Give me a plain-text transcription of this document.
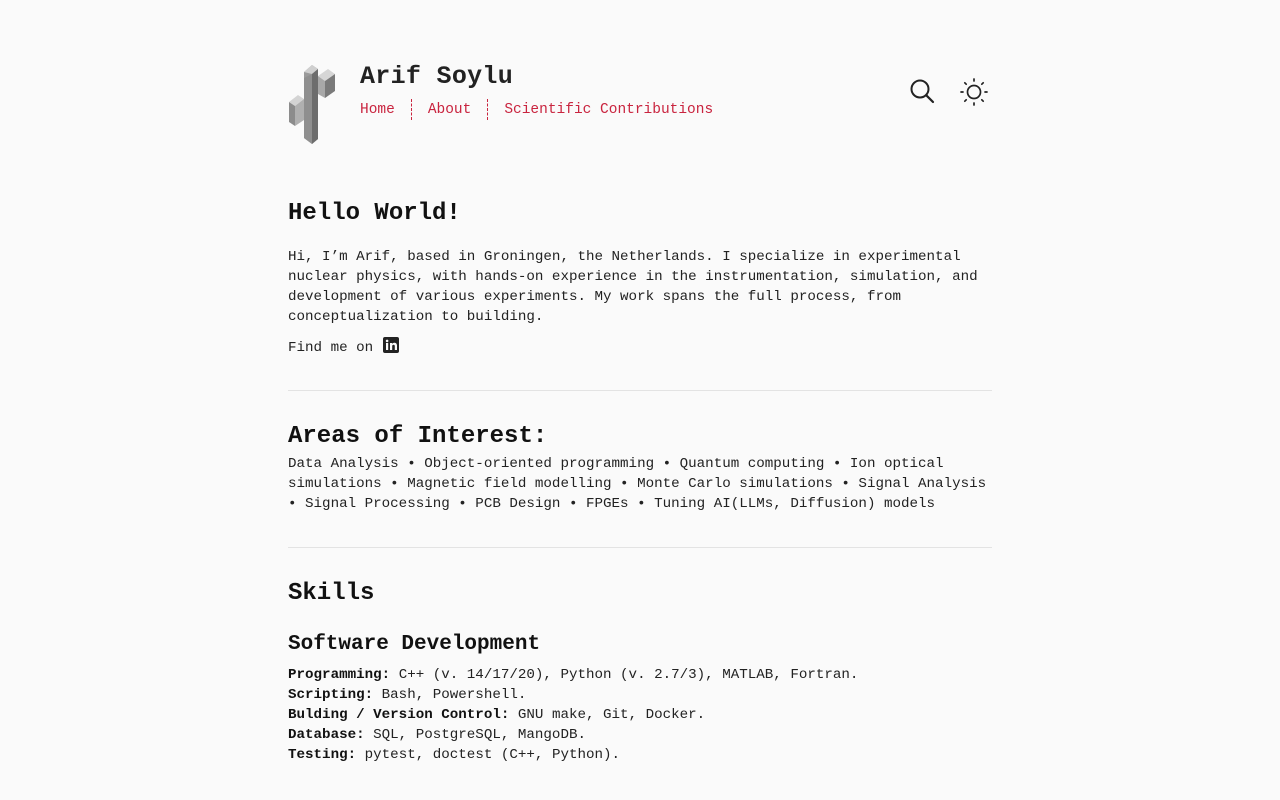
Arif Soylu
Home About Scientific Contributions
Hello World!

Hi, I’m Arif, based in Groningen, the Netherlands. I specialize in experimental nuclear physics, with hands-on experience in the instrumentation, simulation, and development of various experiments. My work spans the full process, from conceptualization to building.

Find me on

Areas of Interest:

Data Analysis • Object-oriented programming • Quantum computing • Ion optical simulations • Magnetic field modelling • Monte Carlo simulations • Signal Analysis • Signal Processing • PCB Design • FPGEs • Tuning AI(LLMs, Diffusion) models

Skills
Software Development
Programming: C++ (v. 14/17/20), Python (v. 2.7/3), MATLAB, Fortran.
Scripting: Bash, Powershell.
Bulding / Version Control: GNU make, Git, Docker.
Database: SQL, PostgreSQL, MangoDB.
Testing: pytest, doctest (C++, Python).
